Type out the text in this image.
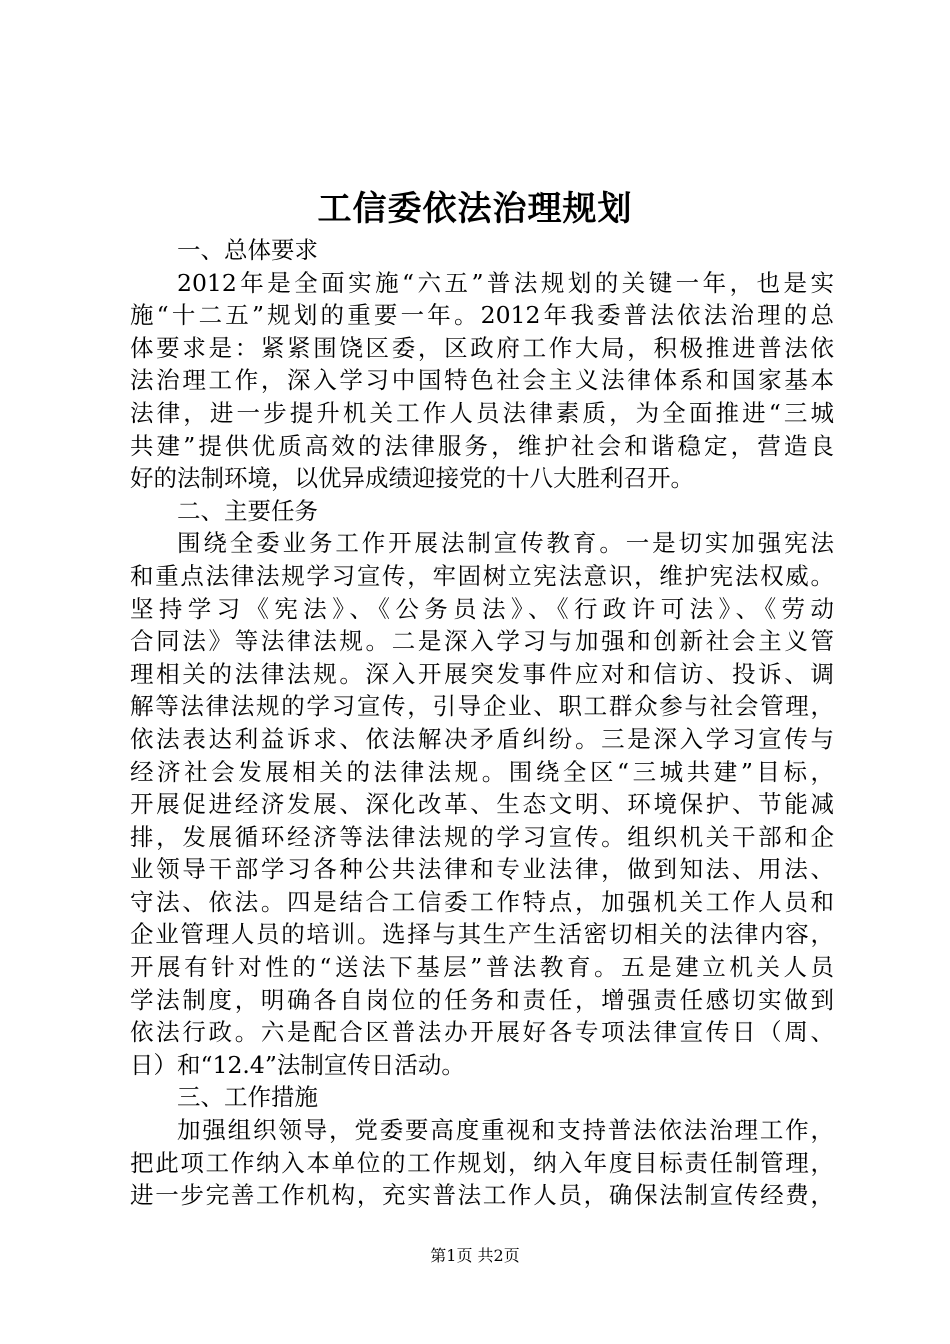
工信委依法治理规划
一、总体要求
2012年是全面实施“六五”普法规划的关键一年，也是实
施“十二五”规划的重要一年。2012年我委普法依法治理的总
体要求是：紧紧围饶区委，区政府工作大局，积极推进普法依
法治理工作，深入学习中国特色社会主义法律体系和国家基本
法律，进一步提升机关工作人员法律素质，为全面推进“三城
共建”提供优质高效的法律服务，维护社会和谐稳定，营造良
好的法制环境，以优异成绩迎接党的十八大胜利召开。
二、主要任务
围绕全委业务工作开展法制宣传教育。一是切实加强宪法
和重点法律法规学习宣传，牢固树立宪法意识，维护宪法权威。
坚持学习《宪法》、《公务员法》、《行政许可法》、《劳动
合同法》等法律法规。二是深入学习与加强和创新社会主义管
理相关的法律法规。深入开展突发事件应对和信访、投诉、调
解等法律法规的学习宣传，引导企业、职工群众参与社会管理，
依法表达利益诉求、依法解决矛盾纠纷。三是深入学习宣传与
经济社会发展相关的法律法规。围绕全区“三城共建”目标，
开展促进经济发展、深化改革、生态文明、环境保护、节能减
排，发展循环经济等法律法规的学习宣传。组织机关干部和企
业领导干部学习各种公共法律和专业法律，做到知法、用法、
守法、依法。四是结合工信委工作特点，加强机关工作人员和
企业管理人员的培训。选择与其生产生活密切相关的法律内容，
开展有针对性的“送法下基层”普法教育。五是建立机关人员
学法制度，明确各自岗位的任务和责任，增强责任感切实做到
依法行政。六是配合区普法办开展好各专项法律宣传日（周、
日）和“12.4”法制宣传日活动。
三、工作措施
加强组织领导，党委要高度重视和支持普法依法治理工作，
把此项工作纳入本单位的工作规划，纳入年度目标责任制管理，
进一步完善工作机构，充实普法工作人员，确保法制宣传经费，
第1页 共2页
